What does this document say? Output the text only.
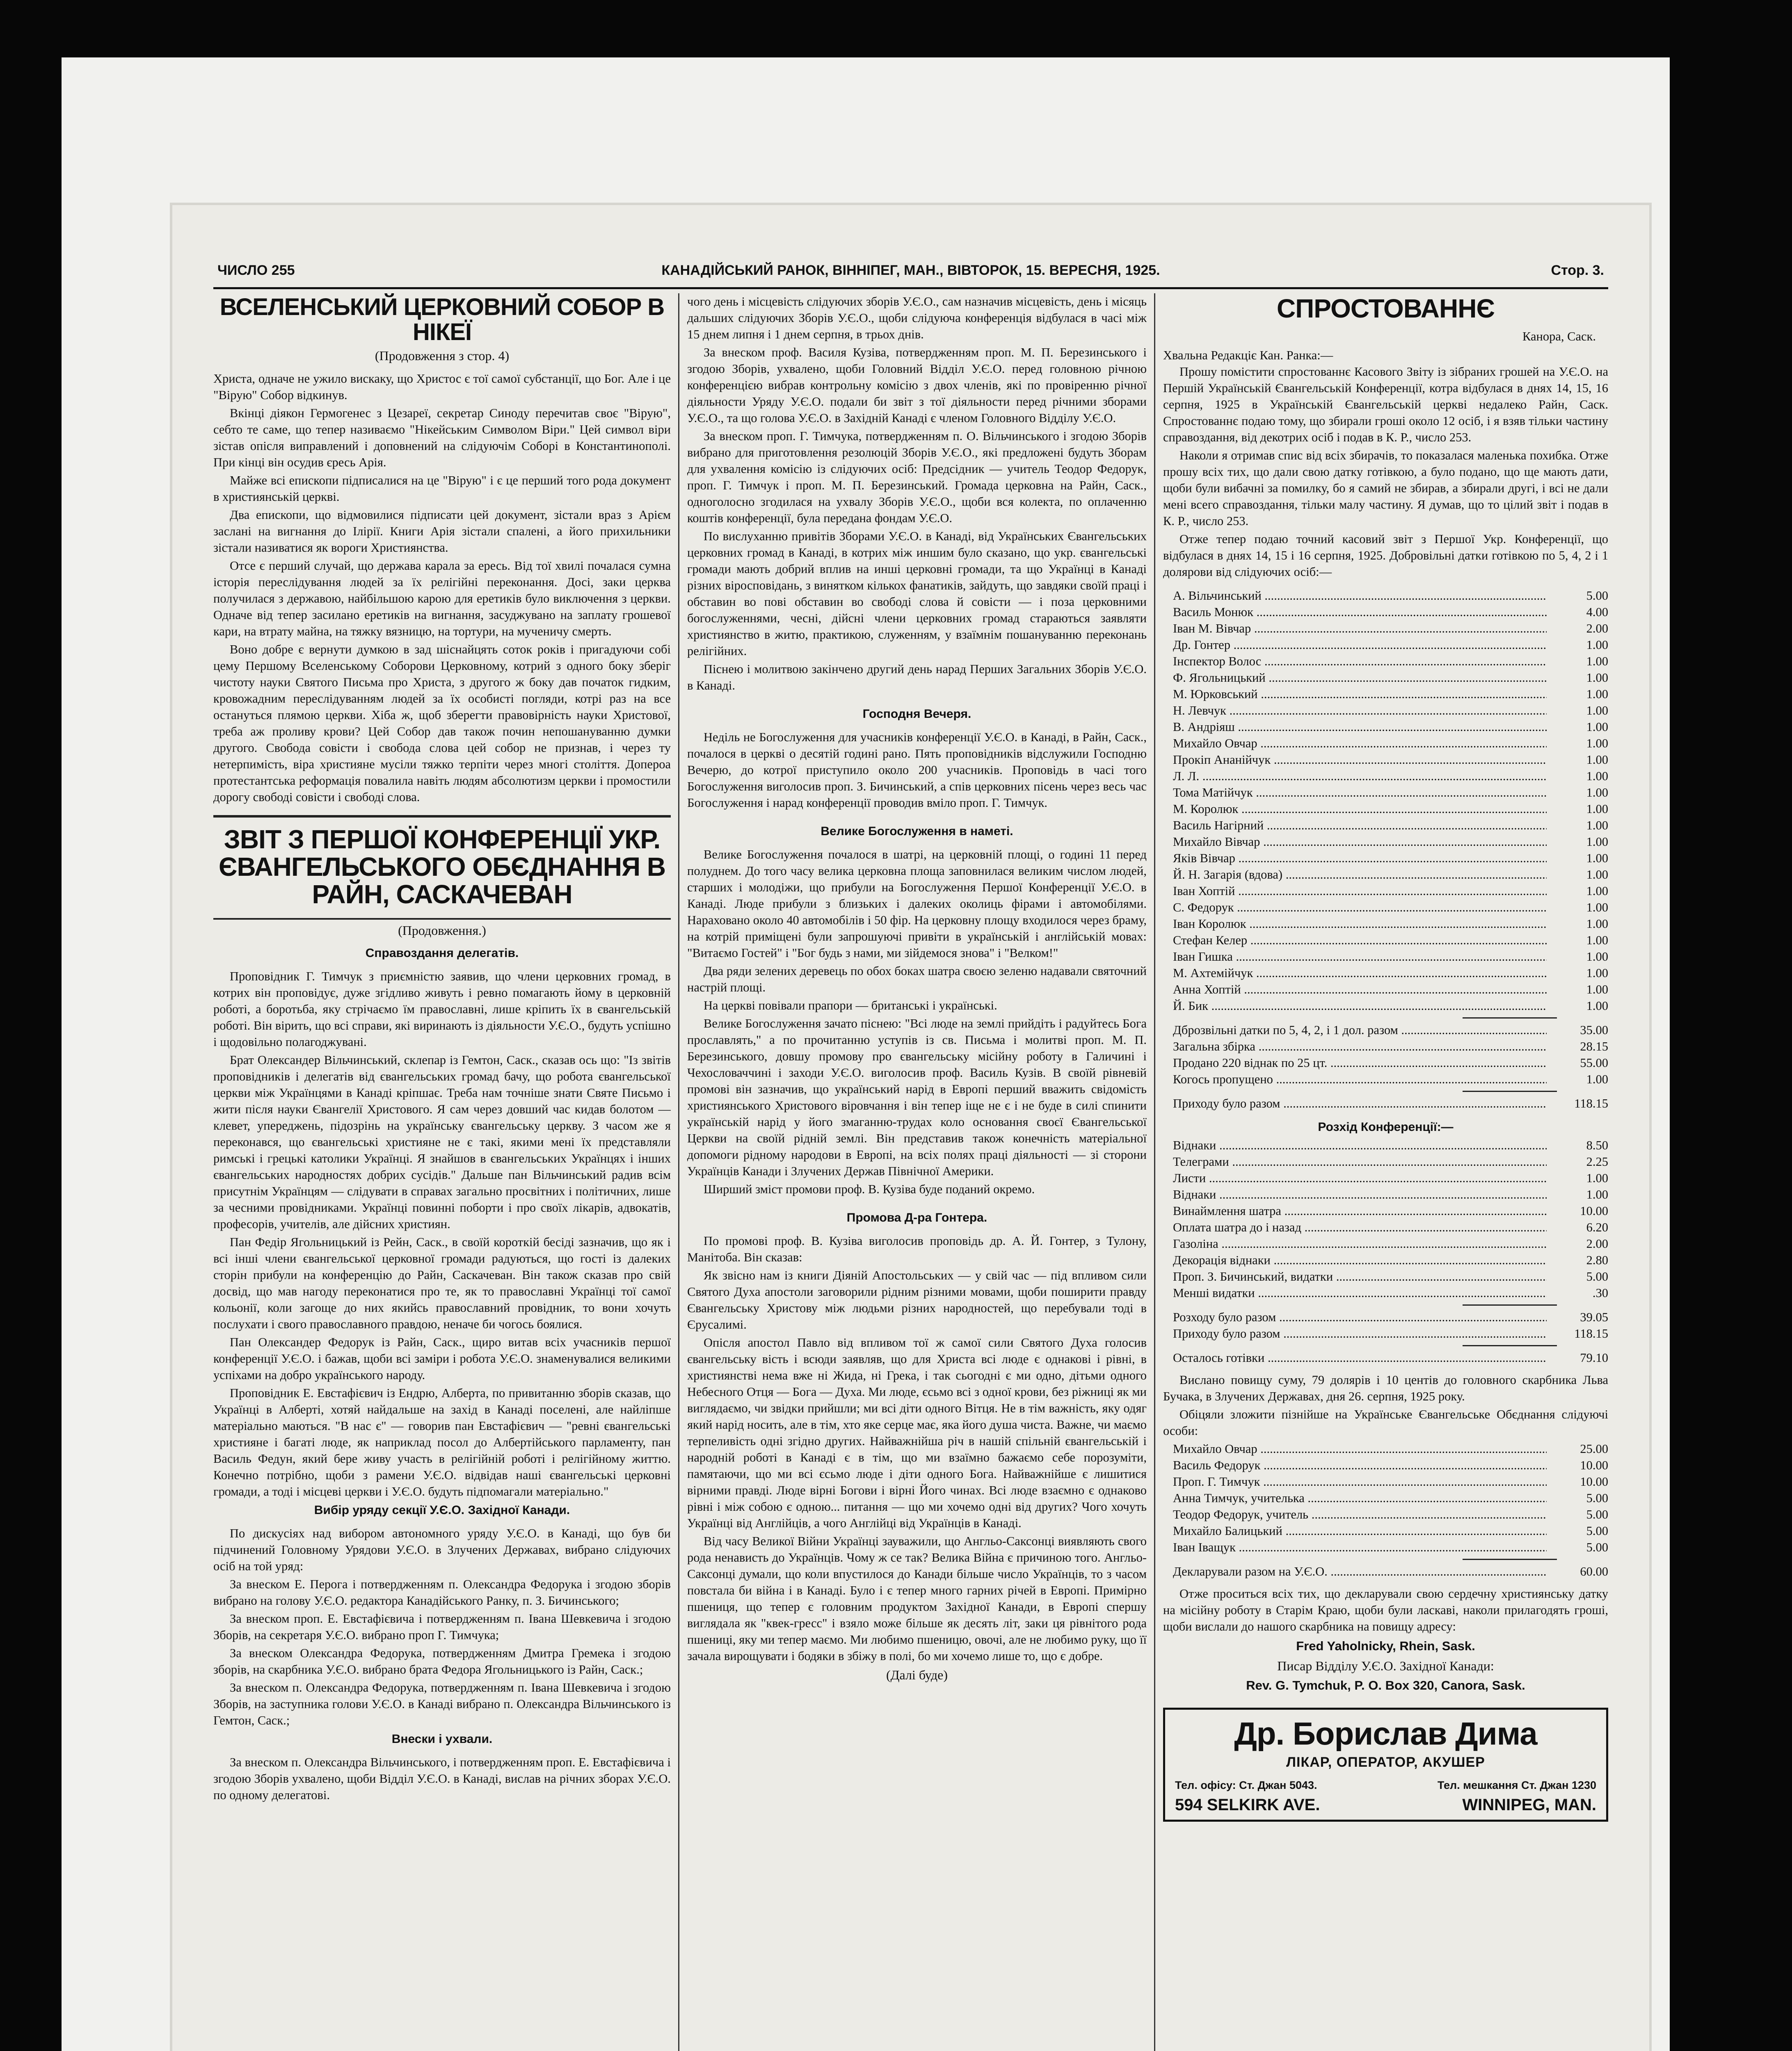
ЧИСЛО 255	КАНАДІЙСЬКИЙ РАНОК, ВІННІПЕГ, МАН., ВІВТОРОК, 15. ВЕРЕСНЯ, 1925.	Стор. 3.
ВСЕЛЕНСЬКИЙ ЦЕРКОВНИЙ СОБОР В НІКЕЇ
(Продовження з стор. 4)

Христа, одначе не ужило вискаку, що Христос є тої самої субстанції, що Бог. Але і це "Вірую" Собор відкинув.

Вкінці діякон Гермогенес з Цезареї, секретар Синоду перечитав своє "Вірую", себто те саме, що тепер називаємо "Нікейським Символом Віри." Цей символ віри зістав опісля виправлений і доповнений на слідуючім Соборі в Константинополі. При кінці він осудив єресь Арія.

Майже всі епископи підписалися на це "Вірую" і є це перший того рода документ в християнській церкві.

Два епископи, що відмовилися підписати цей документ, зістали враз з Арієм заслані на вигнання до Ілірії. Книги Арія зістали спалені, а його прихильники зістали називатися як вороги Християнства.

Отсе є перший случай, що держава карала за ересь. Від тої хвилі почалася сумна історія переслідування людей за їх релігійні переконання. Досі, заки церква получилася з державою, найбільшою карою для еретиків було виключення з церкви. Одначе від тепер засилано еретиків на вигнання, засуджувано на заплату грошевої кари, на втрату майна, на тяжку вязницю, на тортури, на мученичу смерть.

Воно добре є вернути думкою в зад шіснайцять соток років і пригадуючи собі цему Першому Вселенському Соборови Церковному, котрий з одного боку зберіг чистоту науки Святого Письма про Христа, з другого ж боку дав початок гидким, кровожадним переслідуванням людей за їх особисті погляди, котрі раз на все остануться плямою церкви. Хіба ж, щоб зберегти правовірність науки Христової, треба аж проливу крови? Цей Собор дав також почин непошануванню думки другого. Свобода совісти і свобода слова цей собор не признав, і через ту нетерпимість, віра християне мусіли тяжко терпіти через многі століття. Допероа протестантська реформація повалила навіть людям абсолютизм церкви і промостили дорогу свободі совісти і свободі слова.

ЗВІТ З ПЕРШОЇ КОНФЕРЕНЦІЇ УКР. ЄВАНГЕЛЬСЬКОГО ОБЄДНАННЯ В РАЙН, САСКАЧЕВАН
(Продовження.)
Справоздання делегатів.

Проповідник Г. Тимчук з приємністю заявив, що члени церковних громад, в котрих він проповідує, дуже згідливо живуть і ревно помагають йому в церковній роботі, а боротьба, яку стрічаємо їм православні, лише кріпить їх в євангельській роботі. Він вірить, що всі справи, які виринають із діяльности У.Є.О., будуть успішно і щодовільно полагоджувані.

Брат Олександер Вільчинський, склепар із Гемтон, Саск., сказав ось що: "Із звітів проповідників і делегатів від євангельських громад бачу, що робота євангельської церкви між Українцями в Канаді кріпшає. Треба нам точніше знати Святе Письмо і жити після науки Євангелії Христового. Я сам через довший час кидав болотом — клевет, упереджень, підозрінь на українську євангельську церкву. З часом же я переконався, що євангельські християне не є такі, якими мені їх представляли римські і грецькі католики Українці. Я знайшов в євангельських Українцях і інших євангельських народностях добрих сусідів." Дальше пан Вільчинський радив всім присутнім Українцям — слідувати в справах загально просвітних і політичних, лише за чесними провідниками. Українці повинні поборти і про своїх лікарів, адвокатів, професорів, учителів, але дійсних християн.

Пан Федір Ягольницький із Рейн, Саск., в своїй короткій бесіді зазначив, що як і всі інші члени євангельської церковної громади радуються, що гості із далеких сторін прибули на конференцію до Райн, Саскачеван. Він також сказав про свій досвід, що мав нагоду переконатися про те, як то православні Українці тої самої кольонії, коли загоще до них якийсь православний провідник, то вони хочуть послухати і свого православного правдою, неначе би чогось боялися.

Пан Олександер Федорук із Райн, Саск., щиро витав всіх учасників першої конференції У.Є.О. і бажав, щоби всі заміри і робота У.Є.О. знаменувалися великими успіхами на добро українського народу.

Проповідник Е. Евстафієвич із Ендрю, Алберта, по привитанню зборів сказав, що Українці в Алберті, хотяй найдальше на захід в Канаді поселені, але найліпше матеріально маються. "В нас є" — говорив пан Евстафієвич — "ревні євангельські християне і багаті люде, як наприклад посол до Албертійського парламенту, пан Василь Федун, який бере живу участь в релігійній роботі і релігійному життю. Конечно потрібно, щоби з рамени У.Є.О. відвідав наші євангельські церковні громади, а тоді і місцеві церкви і У.Є.О. будуть підпомагали матеріально."

Вибір уряду секції У.Є.О. Західної Канади.

По дискусіях над вибором автономного уряду У.Є.О. в Канаді, що був би підчинений Головному Урядови У.Є.О. в Злучених Державах, вибрано слідуючих осіб на той уряд:

За внеском Е. Перога і потвердженням п. Олександра Федорука і згодою зборів вибрано на голову У.Є.О. редактора Канадійського Ранку, п. З. Бичинського;

За внеском проп. Е. Евстафієвича і потвердженням п. Івана Шевкевича і згодою Зборів, на секретаря У.Є.О. вибрано проп Г. Тимчука;

За внеском Олександра Федорука, потвердженням Дмитра Гремека і згодою зборів, на скарбника У.Є.О. вибрано брата Федора Ягольницького із Райн, Саск.;

За внеском п. Олександра Федорука, потвердженням п. Івана Шевкевича і згодою Зборів, на заступника голови У.Є.О. в Канаді вибрано п. Олександра Вільчинського із Гемтон, Саск.;

Внески і ухвали.

За внеском п. Олександра Вільчинського, і потвердженням проп. Е. Евстафієвича і згодою Зборів ухвалено, щоби Відділ У.Є.О. в Канаді, вислав на річних зборах У.Є.О. по одному делегатові.

чого день і місцевість слідуючих зборів У.Є.О., сам назначив місцевість, день і місяць дальших слідуючих Зборів У.Є.О., щоби слідуюча конференція відбулася в часі між 15 днем липня і 1 днем серпня, в трьох днів.

За внеском проф. Василя Кузіва, потвердженням проп. М. П. Березинського і згодою Зборів, ухвалено, щоби Головний Відділ У.Є.О. перед головною річною конференцією вибрав контрольну комісію з двох членів, які по провіренню річної діяльности Уряду У.Є.О. подали би звіт з тої діяльности перед річними зборами У.Є.О., та що голова У.Є.О. в Західній Канаді є членом Головного Відділу У.Є.О.

За внеском проп. Г. Тимчука, потвердженням п. О. Вільчинського і згодою Зборів вибрано для приготовлення резолюцій Зборів У.Є.О., які предложені будуть Зборам для ухвалення комісію із слідуючих осіб: Предсідник — учитель Теодор Федорук, проп. Г. Тимчук і проп. М. П. Березинський. Громада церковна на Райн, Саск., одноголосно згодилася на ухвалу Зборів У.Є.О., щоби вся колекта, по оплаченню коштів конференції, була передана фондам У.Є.О.

По вислуханню привітів Зборами У.Є.О. в Канаді, від Українських Євангельських церковних громад в Канаді, в котрих між иншим було сказано, що укр. євангельські громади мають добрий вплив на инші церковні громади, та що Українці в Канаді різних віросповідань, з винятком кількох фанатиків, зайдуть, що завдяки своїй праці і обставин во пові обставин во свободі слова й совісти — і поза церковними богослуженнями, чесні, дійсні члени церковних громад стараються заявляти християнство в житю, практикою, служенням, у взаїмнім пошануванню переконань релігійних.

Піснею і молитвою закінчено другий день нарад Перших Загальних Зборів У.Є.О. в Канаді.

Господня Вечеря.

Неділь не Богослуження для учасників конференції У.Є.О. в Канаді, в Райн, Саск., почалося в церкві о десятій годині рано. Пять проповідників відслужили Господню Вечерю, до котрої приступило около 200 учасників. Проповідь в часі того Богослуження виголосив проп. З. Бичинський, а спів церковних пісень через весь час Богослуження і нарад конференції проводив вміло проп. Г. Тимчук.

Велике Богослуження в наметі.

Велике Богослуження почалося в шатрі, на церковній площі, о годині 11 перед полуднем. До того часу велика церковна площа заповнилася великим числом людей, старших і молодіжи, що прибули на Богослуження Першої Конференції У.Є.О. в Канаді. Люде прибули з близьких і далеких околиць фірами і автомобілями. Нараховано около 40 автомобілів і 50 фір. На церковну площу входилося через браму, на котрій приміщені були запрошуючі привіти в українській і англійській мовах: "Витаємо Гостей" і "Бог будь з нами, ми зійдемося знова" і "Велком!"

Два ряди зелених деревець по обох боках шатра своєю зеленю надавали святочний настрій площі.

На церкві повівали прапори — британські і українські.

Велике Богослуження зачато піснею: "Всі люде на землі прийдіть і радуйтесь Бога прославлять," а по прочитанню уступів із св. Письма і молитві проп. М. П. Березинського, довшу промову про євангельську місійну роботу в Галичині і Чехословаччині і заходи У.Є.О. виголосив проф. Василь Кузів. В своїй рівневій промові він зазначив, що український нарід в Европі перший вважить свідомість християнського Христового віровчання і він тепер іще не є і не буде в силі спинити українській нарід у його змаганню-трудах коло основання своєї Євангельської Церкви на своїй рідній землі. Він представив також конечність матеріальної допомоги рідному народови в Европі, на всіх полях праці діяльності — зі сторони Українців Канади і Злучених Держав Північної Америки.

Ширший зміст промови проф. В. Кузіва буде поданий окремо.

Промова Д-ра Гонтера.

По промові проф. В. Кузіва виголосив проповідь др. А. Й. Гонтер, з Тулону, Манітоба. Він сказав:

Як звісно нам із книги Діяній Апостольських — у свій час — під впливом сили Святого Духа апостоли заговорили рідним різними мовами, щоби поширити правду Євангельську Христову між людьми різних народностей, що перебували тоді в Єрусалимі.

Опісля апостол Павло від впливом тої ж самої сили Святого Духа голосив євангельську вість і всюди заявляв, що для Христа всі люде є однакові і рівні, в християнстві нема вже ні Жида, ні Грека, і так сьогодні є ми одно, дітьми одного Небесного Отця — Бога — Духа. Ми люде, єсьмо всі з одної крови, без ріжниці як ми виглядаємо, чи звідки прийшли; ми всі діти одного Вітця. Не в тім важність, яку одяг який нарід носить, але в тім, хто яке серце має, яка його душа чиста. Важне, чи маємо терпеливість одні згідно других. Найважнійша річ в нашій спільній євангельській і народній роботі в Канаді є в тім, що ми взаїмно бажаємо себе порозуміти, памятаючи, що ми всі єсьмо люде і діти одного Бога. Найважнійше є лишитися вірними правді. Люде вірні Богови і вірні Його чинах. Всі люде взаємно є однаково рівні і між собою є одною... питання — що ми хочемо одні від других? Чого хочуть Українці від Англійців, а чого Англійці від Українців в Канаді.

Від часу Великої Війни Українці зауважили, що Англьо-Саксонці виявляють свого рода ненависть до Українців. Чому ж се так? Велика Війна є причиною того. Англьо-Саксонці думали, що коли впустилося до Канади більше число Українців, то з часом повстала би війна і в Канаді. Було і є тепер много гарних річей в Европі. Примірно пшениця, що тепер є головним продуктом Західної Канади, в Европі спершу виглядала як "квек-гресс" і взяло може більше як десять літ, заки ця рівнітого рода пшениці, яку ми тепер маємо. Ми любимо пшеницю, овочі, але не любимо руку, що її зачала вирощувати і бодяки в збіжу в полі, бо ми хочемо лише то, що є добре.

(Далі буде)
СПРОСТОВАННЄ
Канора, Саск.
Хвальна Редакціє Кан. Ранка:—

Прошу помістити спростованнє Касового Звіту із зібраних грошей на У.Є.О. на Першій Українській Євангельській Конференції, котра відбулася в днях 14, 15, 16 серпня, 1925 в Українській Євангельській церкві недалеко Райн, Саск. Спростованнє подаю тому, що збирали гроші около 12 осіб, і я взяв тільки частину справоздання, від декотрих осіб і подав в К. Р., число 253.

Наколи я отримав спис від всіх збирачів, то показалася маленька похибка. Отже прошу всіх тих, що дали свою датку готівкою, а було подано, що ще мають дати, щоби були вибачні за помилку, бо я самий не збирав, а збирали другі, і всі не дали мені всего справоздання, тільки малу частину. Я думав, що то цілий звіт і подав в К. Р., число 253.

Отже тепер подаю точний касовий звіт з Першої Укр. Конференції, що відбулася в днях 14, 15 і 16 серпня, 1925. Добровільні датки готівкою по 5, 4, 2 і 1 долярови від слідуючих осіб:—

А. Вільчинський .....	5.00
Василь Монюк .....	4.00
Іван М. Вівчар .....	2.00
Др. Гонтер .....	1.00
Інспектор Волос .....	1.00
Ф. Ягольницький .....	1.00
М. Юрковський .....	1.00
Н. Левчук .....	1.00
В. Андріяш .....	1.00
Михайло Овчар .....	1.00
Прокіп Ананійчук .....	1.00
Л. Л. .....	1.00
Тома Матійчук .....	1.00
М. Королюк .....	1.00
Василь Нагірний .....	1.00
Михайло Вівчар .....	1.00
Яків Вівчар .....	1.00
Й. Н. Загарія (вдова) .....	1.00
Іван Хоптій .....	1.00
С. Федорук .....	1.00
Іван Королюк .....	1.00
Стефан Келер .....	1.00
Іван Гишка .....	1.00
М. Ахтемійчук .....	1.00
Анна Хоптій .....	1.00
Й. Бик .....	1.00
Дброзвільні датки по 5, 4, 2, і 1 дол. разом .....	35.00
Загальна збірка .....	28.15
Продано 220 віднак по 25 цт. .....	55.00
Когось пропущено .....	1.00
Приходу було разом .....	118.15
Розхід Конференції:—
Віднаки .....	8.50
Телеграми .....	2.25
Листи .....	1.00
Віднаки .....	1.00
Винаймлення шатра .....	10.00
Оплата шатра до і назад .....	6.20
Газоліна .....	2.00
Декорація віднаки .....	2.80
Проп. З. Бичинський, видатки .....	5.00
Менші видатки .....	.30
Розходу було разом .....	39.05
Приходу було разом .....	118.15
Осталось готівки .....	79.10

Вислано повищу суму, 79 долярів і 10 центів до головного скарбника Льва Бучака, в Злучених Державах, дня 26. серпня, 1925 року.

Обіцяли зложити пізнійше на Українське Євангельське Обєднання слідуючі особи:

Михайло Овчар .....	25.00
Василь Федорук .....	10.00
Проп. Г. Тимчук .....	10.00
Анна Тимчук, учителька .....	5.00
Теодор Федорук, учитель .....	5.00
Михайло Балицький .....	5.00
Іван Іващук .....	5.00
Декларували разом на У.Є.О. .....	60.00

Отже проситься всіх тих, що декларували свою сердечну християнську датку на місійну роботу в Старім Краю, щоби були ласкаві, наколи прилагодять гроші, щоби вислали до нашого скарбника на повищу адресу:

Fred Yaholnicky, Rhein, Sask.
Писар Відділу У.Є.О. Західної Канади:
Rev. G. Tymchuk, P. O. Box 320, Canora, Sask.
Др. Борислав Дима
ЛІКАР, ОПЕРАТОР, АКУШЕР
Тел. офісу: Ст. Джан 5043.	Тел. мешкання Ст. Джан 1230
594 SELKIRK AVE.	WINNIPEG, MAN.
